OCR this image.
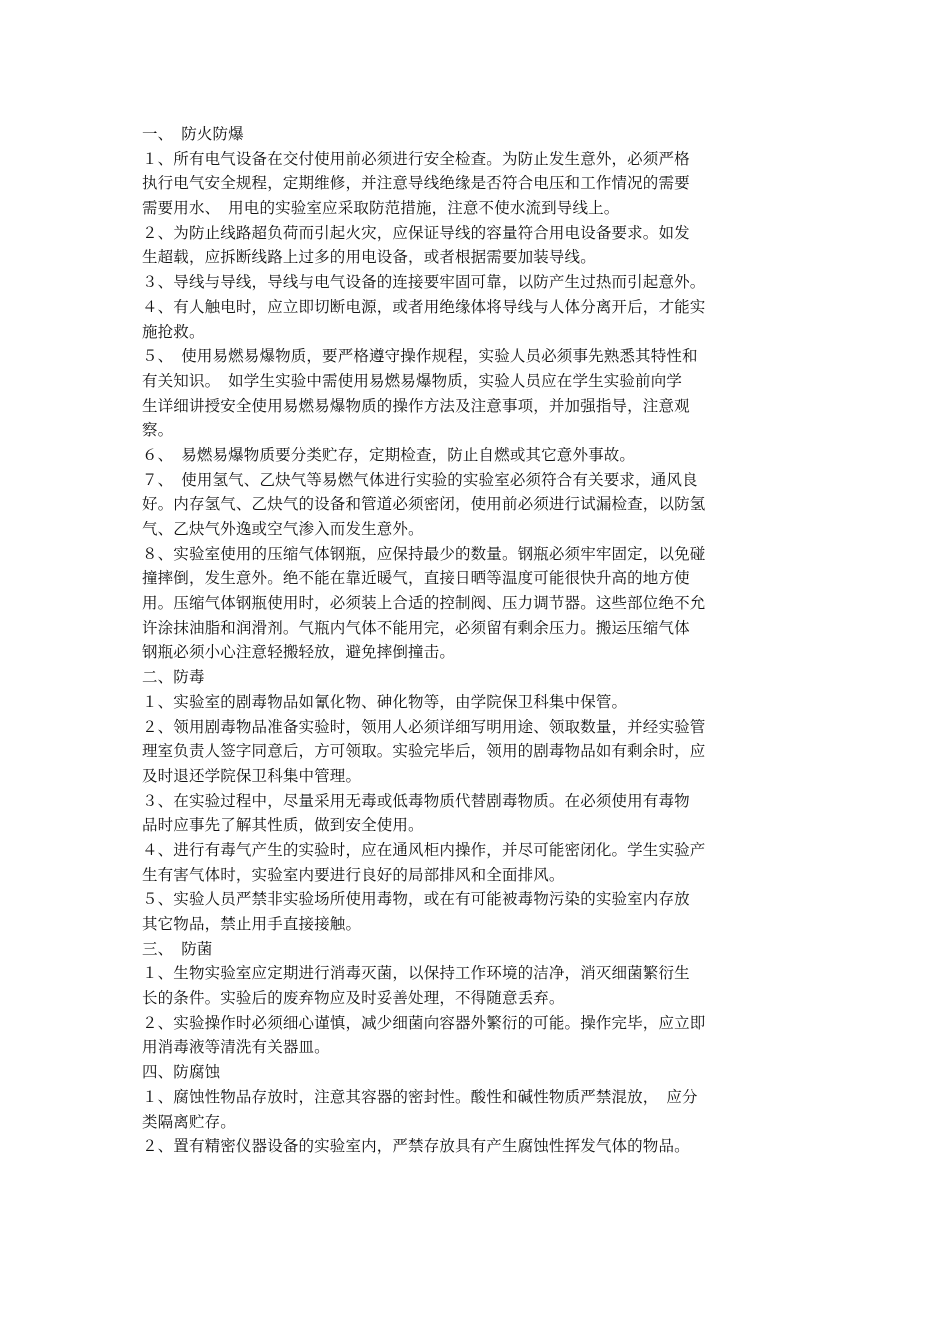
一、　防火防爆
１、所有电气设备在交付使用前必须进行安全检查。为防止发生意外，必须严格
执行电气安全规程，定期维修，并注意导线绝缘是否符合电压和工作情况的需要
需要用水、　用电的实验室应采取防范措施，注意不使水流到导线上。
２、为防止线路超负荷而引起火灾，应保证导线的容量符合用电设备要求。如发
生超载，应拆断线路上过多的用电设备，或者根据需要加装导线。
３、导线与导线，导线与电气设备的连接要牢固可靠，以防产生过热而引起意外。
４、有人触电时，应立即切断电源，或者用绝缘体将导线与人体分离开后，才能实
施抢救。
５、　使用易燃易爆物质，要严格遵守操作规程，实验人员必须事先熟悉其特性和
有关知识。　如学生实验中需使用易燃易爆物质，实验人员应在学生实验前向学
生详细讲授安全使用易燃易爆物质的操作方法及注意事项，并加强指导，注意观
察。
６、　易燃易爆物质要分类贮存，定期检查，防止自燃或其它意外事故。
７、　使用氢气、乙炔气等易燃气体进行实验的实验室必须符合有关要求，通风良
好。内存氢气、乙炔气的设备和管道必须密闭，使用前必须进行试漏检查，以防氢
气、乙炔气外逸或空气渗入而发生意外。
８、实验室使用的压缩气体钢瓶，应保持最少的数量。钢瓶必须牢牢固定，以免碰
撞摔倒，发生意外。绝不能在靠近暖气，直接日晒等温度可能很快升高的地方使
用。压缩气体钢瓶使用时，必须装上合适的控制阀、压力调节器。这些部位绝不允
许涂抹油脂和润滑剂。气瓶内气体不能用完，必须留有剩余压力。搬运压缩气体
钢瓶必须小心注意轻搬轻放，避免摔倒撞击。
二、防毒
１、实验室的剧毒物品如氰化物、砷化物等，由学院保卫科集中保管。
２、领用剧毒物品准备实验时，领用人必须详细写明用途、领取数量，并经实验管
理室负责人签字同意后，方可领取。实验完毕后，领用的剧毒物品如有剩余时，应
及时退还学院保卫科集中管理。
３、在实验过程中，尽量采用无毒或低毒物质代替剧毒物质。在必须使用有毒物
品时应事先了解其性质，做到安全使用。
４、进行有毒气产生的实验时，应在通风柜内操作，并尽可能密闭化。学生实验产
生有害气体时，实验室内要进行良好的局部排风和全面排风。
５、实验人员严禁非实验场所使用毒物，或在有可能被毒物污染的实验室内存放
其它物品，禁止用手直接接触。
三、　防菌
１、生物实验室应定期进行消毒灭菌，以保持工作环境的洁净，消灭细菌繁衍生
长的条件。实验后的废弃物应及时妥善处理，不得随意丢弃。
２、实验操作时必须细心谨慎，减少细菌向容器外繁衍的可能。操作完毕，应立即
用消毒液等清洗有关器皿。
四、防腐蚀
１、腐蚀性物品存放时，注意其容器的密封性。酸性和碱性物质严禁混放，　应分
类隔离贮存。
２、置有精密仪器设备的实验室内，严禁存放具有产生腐蚀性挥发气体的物品。
